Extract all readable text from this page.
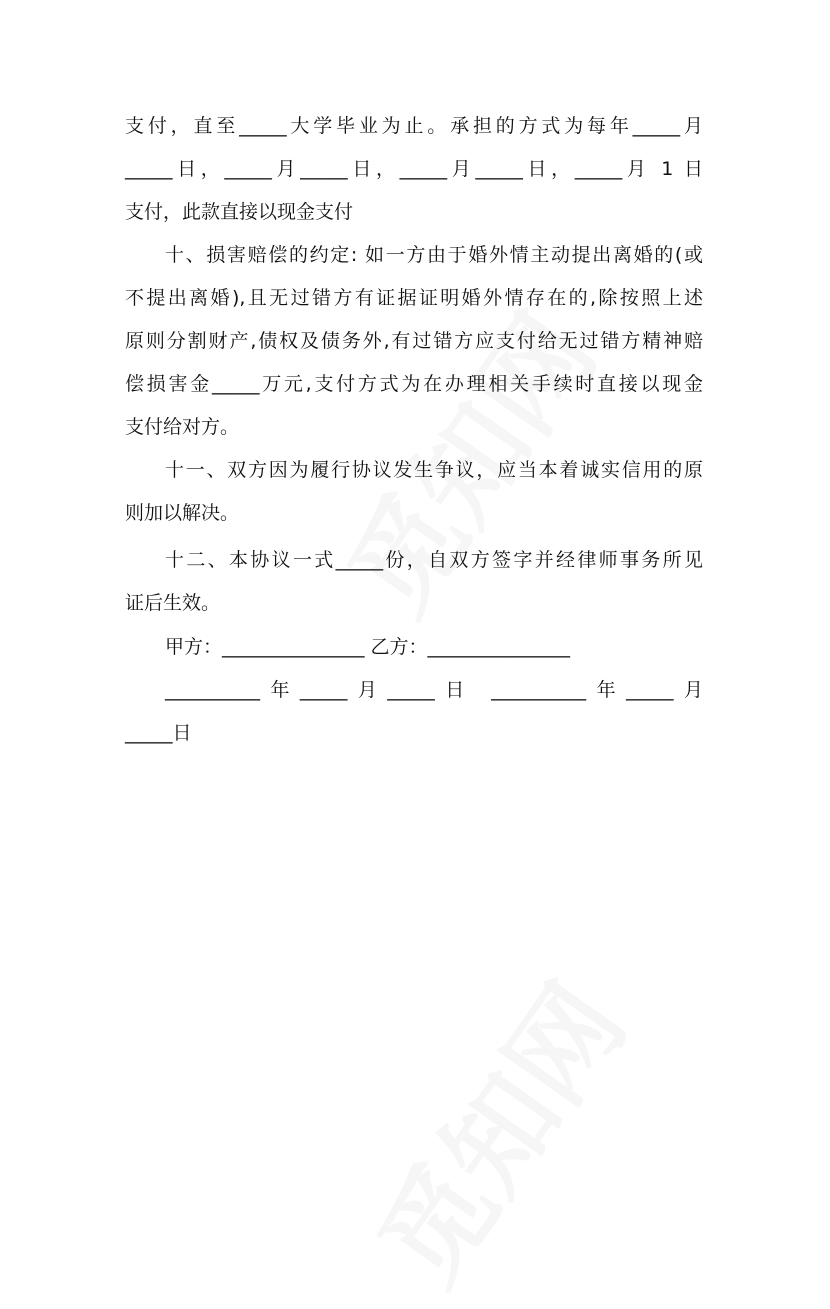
支付，直至_____大学毕业为止。承担的方式为每年_____月
_____日，_____月_____日，_____月_____日，_____月 1 日
支付，此款直接以现金支付
十、损害赔偿的约定: 如一方由于婚外情主动提出离婚的(或
不提出离婚),且无过错方有证据证明婚外情存在的,除按照上述
原则分割财产,债权及债务外,有过错方应支付给无过错方精神赔
偿损害金_____万元,支付方式为在办理相关手续时直接以现金
支付给对方。
十一、双方因为履行协议发生争议，应当本着诚实信用的原
则加以解决。
十二、本协议一式_____份，自双方签字并经律师事务所见
证后生效。
甲方：_______________ 乙方：_______________
__________年_____月_____日 __________年_____月
_____日
